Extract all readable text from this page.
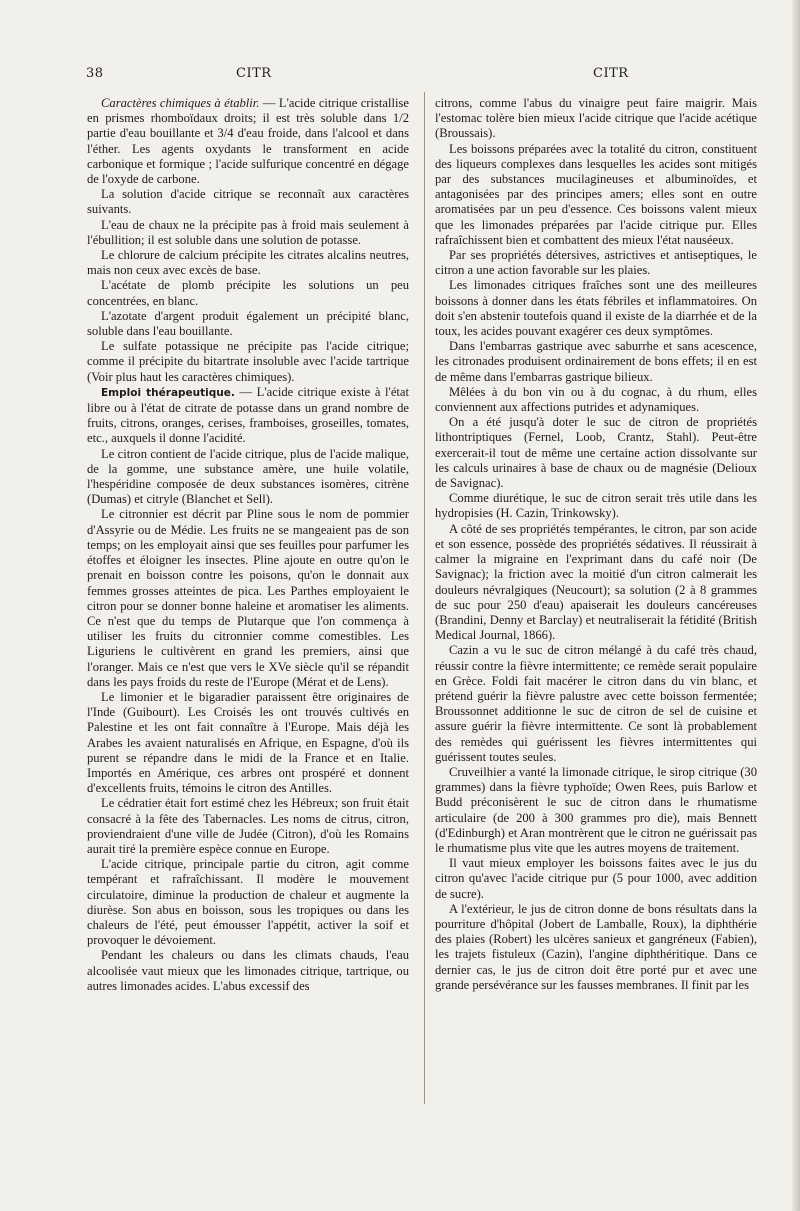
38	CITR	CITR

Caractères chimiques à établir. — L'acide citrique cristallise en prismes rhomboïdaux droits; il est très soluble dans 1/2 partie d'eau bouillante et 3/4 d'eau froide, dans l'alcool et dans l'éther. Les agents oxydants le transforment en acide carbonique et formique ; l'acide sulfurique concentré en dégage de l'oxyde de carbone.

La solution d'acide citrique se reconnaît aux caractères suivants.

L'eau de chaux ne la précipite pas à froid mais seulement à l'ébullition; il est soluble dans une solution de potasse.

Le chlorure de calcium précipite les citrates alcalins neutres, mais non ceux avec excès de base.

L'acétate de plomb précipite les solutions un peu concentrées, en blanc.

L'azotate d'argent produit également un précipité blanc, soluble dans l'eau bouillante.

Le sulfate potassique ne précipite pas l'acide citrique; comme il précipite du bitartrate insoluble avec l'acide tartrique (Voir plus haut les caractères chimiques).

Emploi thérapeutique. — L'acide citrique existe à l'état libre ou à l'état de citrate de potasse dans un grand nombre de fruits, citrons, oranges, cerises, framboises, groseilles, tomates, etc., auxquels il donne l'acidité.

Le citron contient de l'acide citrique, plus de l'acide malique, de la gomme, une substance amère, une huile volatile, l'hespéridine composée de deux substances isomères, citrène (Dumas) et citryle (Blanchet et Sell).

Le citronnier est décrit par Pline sous le nom de pommier d'Assyrie ou de Médie. Les fruits ne se mangeaient pas de son temps; on les employait ainsi que ses feuilles pour parfumer les étoffes et éloigner les insectes. Pline ajoute en outre qu'on le prenait en boisson contre les poisons, qu'on le donnait aux femmes grosses atteintes de pica. Les Parthes employaient le citron pour se donner bonne haleine et aromatiser les aliments. Ce n'est que du temps de Plutarque que l'on commença à utiliser les fruits du citronnier comme comestibles. Les Liguriens le cultivèrent en grand les premiers, ainsi que l'oranger. Mais ce n'est que vers le XVe siècle qu'il se répandit dans les pays froids du reste de l'Europe (Mérat et de Lens).

Le limonier et le bigaradier paraissent être originaires de l'Inde (Guibourt). Les Croisés les ont trouvés cultivés en Palestine et les ont fait connaître à l'Europe. Mais déjà les Arabes les avaient naturalisés en Afrique, en Espagne, d'où ils purent se répandre dans le midi de la France et en Italie. Importés en Amérique, ces arbres ont prospéré et donnent d'excellents fruits, témoins le citron des Antilles.

Le cédratier était fort estimé chez les Hébreux; son fruit était consacré à la fête des Tabernacles. Les noms de citrus, citron, proviendraient d'une ville de Judée (Citron), d'où les Romains aurait tiré la première espèce connue en Europe.

L'acide citrique, principale partie du citron, agit comme tempérant et rafraîchissant. Il modère le mouvement circulatoire, diminue la production de chaleur et augmente la diurèse. Son abus en boisson, sous les tropiques ou dans les chaleurs de l'été, peut émousser l'appétit, activer la soif et provoquer le dévoiement.

Pendant les chaleurs ou dans les climats chauds, l'eau alcoolisée vaut mieux que les limonades citrique, tartrique, ou autres limonades acides. L'abus excessif des

citrons, comme l'abus du vinaigre peut faire maigrir. Mais l'estomac tolère bien mieux l'acide citrique que l'acide acétique (Broussais).

Les boissons préparées avec la totalité du citron, constituent des liqueurs complexes dans lesquelles les acides sont mitigés par des substances mucilagineuses et albuminoïdes, et antagonisées par des principes amers; elles sont en outre aromatisées par un peu d'essence. Ces boissons valent mieux que les limonades préparées par l'acide citrique pur. Elles rafraîchissent bien et combattent des mieux l'état nauséeux.

Par ses propriétés détersives, astrictives et antiseptiques, le citron a une action favorable sur les plaies.

Les limonades citriques fraîches sont une des meilleures boissons à donner dans les états fébriles et inflammatoires. On doit s'en abstenir toutefois quand il existe de la diarrhée et de la toux, les acides pouvant exagérer ces deux symptômes.

Dans l'embarras gastrique avec saburrhe et sans acescence, les citronades produisent ordinairement de bons effets; il en est de même dans l'embarras gastrique bilieux.

Mêlées à du bon vin ou à du cognac, à du rhum, elles conviennent aux affections putrides et adynamiques.

On a été jusqu'à doter le suc de citron de propriétés lithontriptiques (Fernel, Loob, Crantz, Stahl). Peut-être exercerait-il tout de même une certaine action dissolvante sur les calculs urinaires à base de chaux ou de magnésie (Delioux de Savignac).

Comme diurétique, le suc de citron serait très utile dans les hydropisies (H. Cazin, Trinkowsky).

A côté de ses propriétés tempérantes, le citron, par son acide et son essence, possède des propriétés sédatives. Il réussirait à calmer la migraine en l'exprimant dans du café noir (De Savignac); la friction avec la moitié d'un citron calmerait les douleurs névralgiques (Neucourt); sa solution (2 à 8 grammes de suc pour 250 d'eau) apaiserait les douleurs cancéreuses (Brandini, Denny et Barclay) et neutraliserait la fétidité (British Medical Journal, 1866).

Cazin a vu le suc de citron mélangé à du café très chaud, réussir contre la fièvre intermittente; ce remède serait populaire en Grèce. Foldi fait macérer le citron dans du vin blanc, et prétend guérir la fièvre palustre avec cette boisson fermentée; Broussonnet additionne le suc de citron de sel de cuisine et assure guérir la fièvre intermittente. Ce sont là probablement des remèdes qui guérissent les fièvres intermittentes qui guérissent toutes seules.

Cruveilhier a vanté la limonade citrique, le sirop citrique (30 grammes) dans la fièvre typhoïde; Owen Rees, puis Barlow et Budd préconisèrent le suc de citron dans le rhumatisme articulaire (de 200 à 300 grammes pro die), mais Bennett (d'Edinburgh) et Aran montrèrent que le citron ne guérissait pas le rhumatisme plus vite que les autres moyens de traitement.

Il vaut mieux employer les boissons faites avec le jus du citron qu'avec l'acide citrique pur (5 pour 1000, avec addition de sucre).

A l'extérieur, le jus de citron donne de bons résultats dans la pourriture d'hôpital (Jobert de Lamballe, Roux), la diphthérie des plaies (Robert) les ulcères sanieux et gangréneux (Fabien), les trajets fistuleux (Cazin), l'angine diphthéritique. Dans ce dernier cas, le jus de citron doit être porté pur et avec une grande persévérance sur les fausses membranes. Il finit par les
